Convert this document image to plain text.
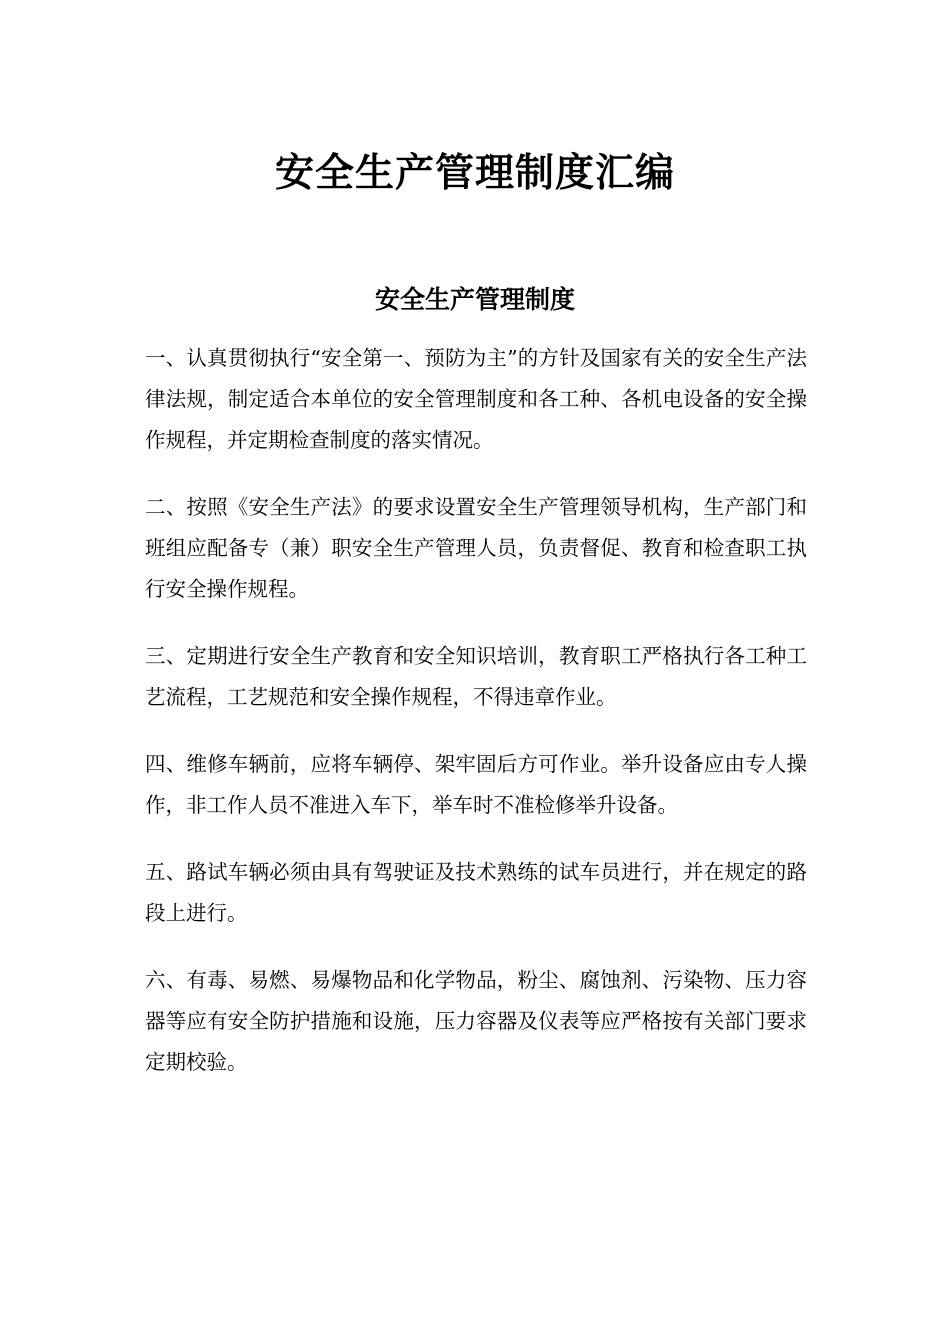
安全生产管理制度汇编
安全生产管理制度

一、认真贯彻执行“安全第一、预防为主”的方针及国家有关的安全生产法律法规，制定适合本单位的安全管理制度和各工种、各机电设备的安全操作规程，并定期检查制度的落实情况。

二、按照《安全生产法》的要求设置安全生产管理领导机构，生产部门和班组应配备专（兼）职安全生产管理人员，负责督促、教育和检查职工执行安全操作规程。

三、定期进行安全生产教育和安全知识培训，教育职工严格执行各工种工艺流程，工艺规范和安全操作规程，不得违章作业。

四、维修车辆前，应将车辆停、架牢固后方可作业。举升设备应由专人操作，非工作人员不准进入车下，举车时不准检修举升设备。

五、路试车辆必须由具有驾驶证及技术熟练的试车员进行，并在规定的路段上进行。

六、有毒、易燃、易爆物品和化学物品，粉尘、腐蚀剂、污染物、压力容器等应有安全防护措施和设施，压力容器及仪表等应严格按有关部门要求定期校验。
